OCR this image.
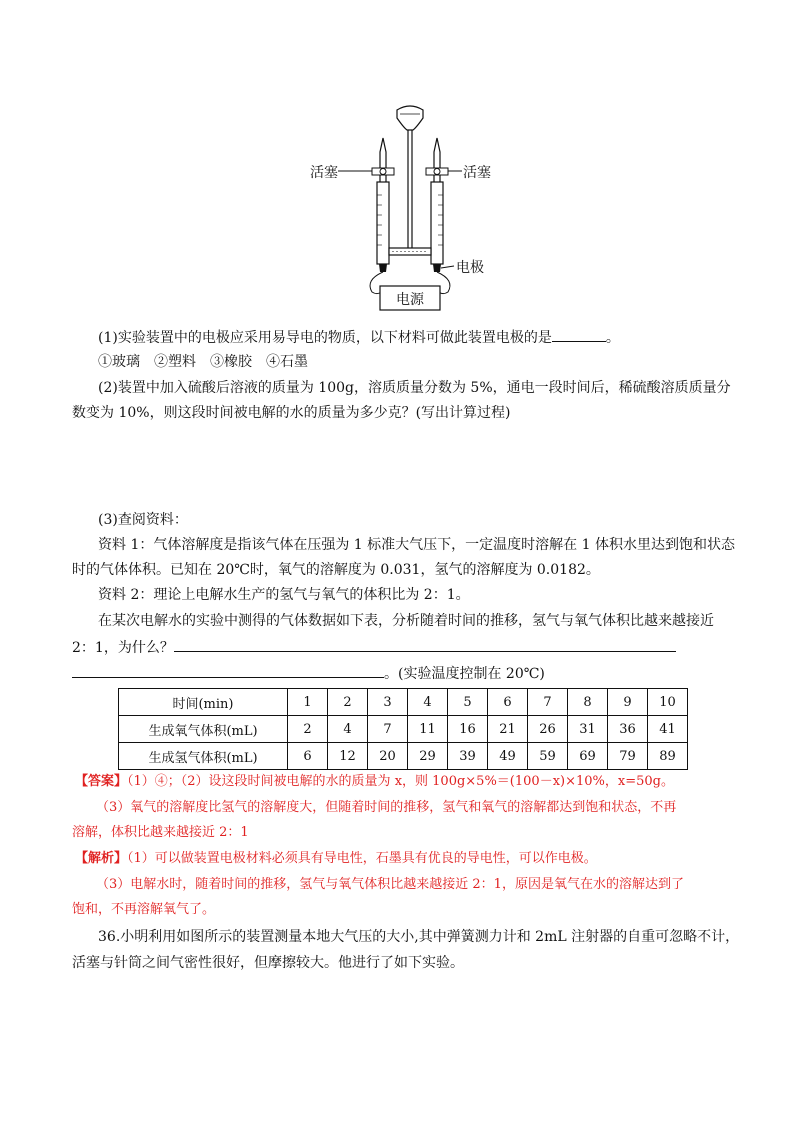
活塞	活塞
电极
电源
(1)实验装置中的电极应采用易导电的物质，以下材料可做此装置电极的是	。
①玻璃　②塑料　③橡胶　④石墨
(2)装置中加入硫酸后溶液的质量为 100g，溶质质量分数为 5%，通电一段时间后，稀硫酸溶质质量分
数变为 10%，则这段时间被电解的水的质量为多少克？(写出计算过程)
(3)查阅资料：
资料 1：气体溶解度是指该气体在压强为 1 标准大气压下，一定温度时溶解在 1 体积水里达到饱和状态
时的气体体积。已知在 20℃时，氧气的溶解度为 0.031，氢气的溶解度为 0.0182。
资料 2：理论上电解水生产的氢气与氧气的体积比为 2：1。
在某次电解水的实验中测得的气体数据如下表，分析随着时间的推移，氢气与氧气体积比越来越接近
2：1，为什么？
。(实验温度控制在 20℃)
时间(min)	1	2	3	4	5	6	7	8	9	10
生成氧气体积(mL)	2	4	7	11	16	21	26	31	36	41
生成氢气体积(mL)	6	12	20	29	39	49	59	69	79	89
【答案】（1）④；（2）设这段时间被电解的水的质量为 x，则 100g×5%＝(100－x)×10%，x=50g。
（3）氧气的溶解度比氢气的溶解度大，但随着时间的推移，氢气和氧气的溶解都达到饱和状态，不再
溶解，体积比越来越接近 2：1
【解析】（1）可以做装置电极材料必须具有导电性，石墨具有优良的导电性，可以作电极。
（3）电解水时，随着时间的推移，氢气与氧气体积比越来越接近 2：1，原因是氧气在水的溶解达到了
饱和，不再溶解氧气了。
36.小明利用如图所示的装置测量本地大气压的大小,其中弹簧测力计和 2mL 注射器的自重可忽略不计，
活塞与针筒之间气密性很好，但摩擦较大。他进行了如下实验。
